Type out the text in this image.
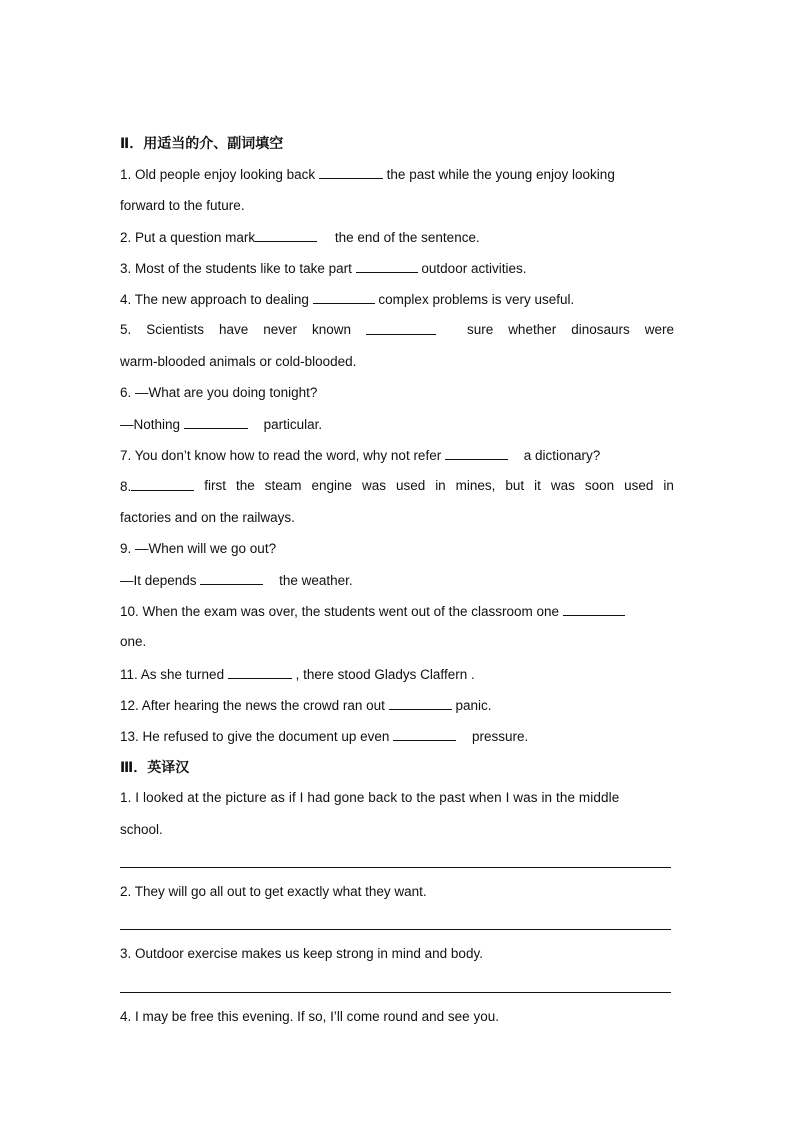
Ⅱ．用适当的介、副词填空
1. Old people enjoy looking back	the past while the young enjoy looking
forward to the future.
2. Put a question mark	the end of the sentence.
3. Most of the students like to take part	outdoor activities.
4. The new approach to dealing	complex problems is very useful.
5. Scientists have never known	sure whether dinosaurs were
warm-blooded animals or cold-blooded.
6. —What are you doing tonight?
—Nothing	particular.
7. You don’t know how to read the word, why not refer	a dictionary?
8.	first the steam engine was used in mines, but it was soon used in
factories and on the railways.
9. —When will we go out?
—It depends	the weather.
10. When the exam was over, the students went out of the classroom one
one.
11. As she turned	, there stood Gladys Claffern .
12. After hearing the news the crowd ran out	panic.
13. He refused to give the document up even	pressure.
Ⅲ．英译汉
1. I looked at the picture as if I had gone back to the past when I was in the middle
school.
2. They will go all out to get exactly what they want.
3. Outdoor exercise makes us keep strong in mind and body.
4. I may be free this evening. If so, I’ll come round and see you.
